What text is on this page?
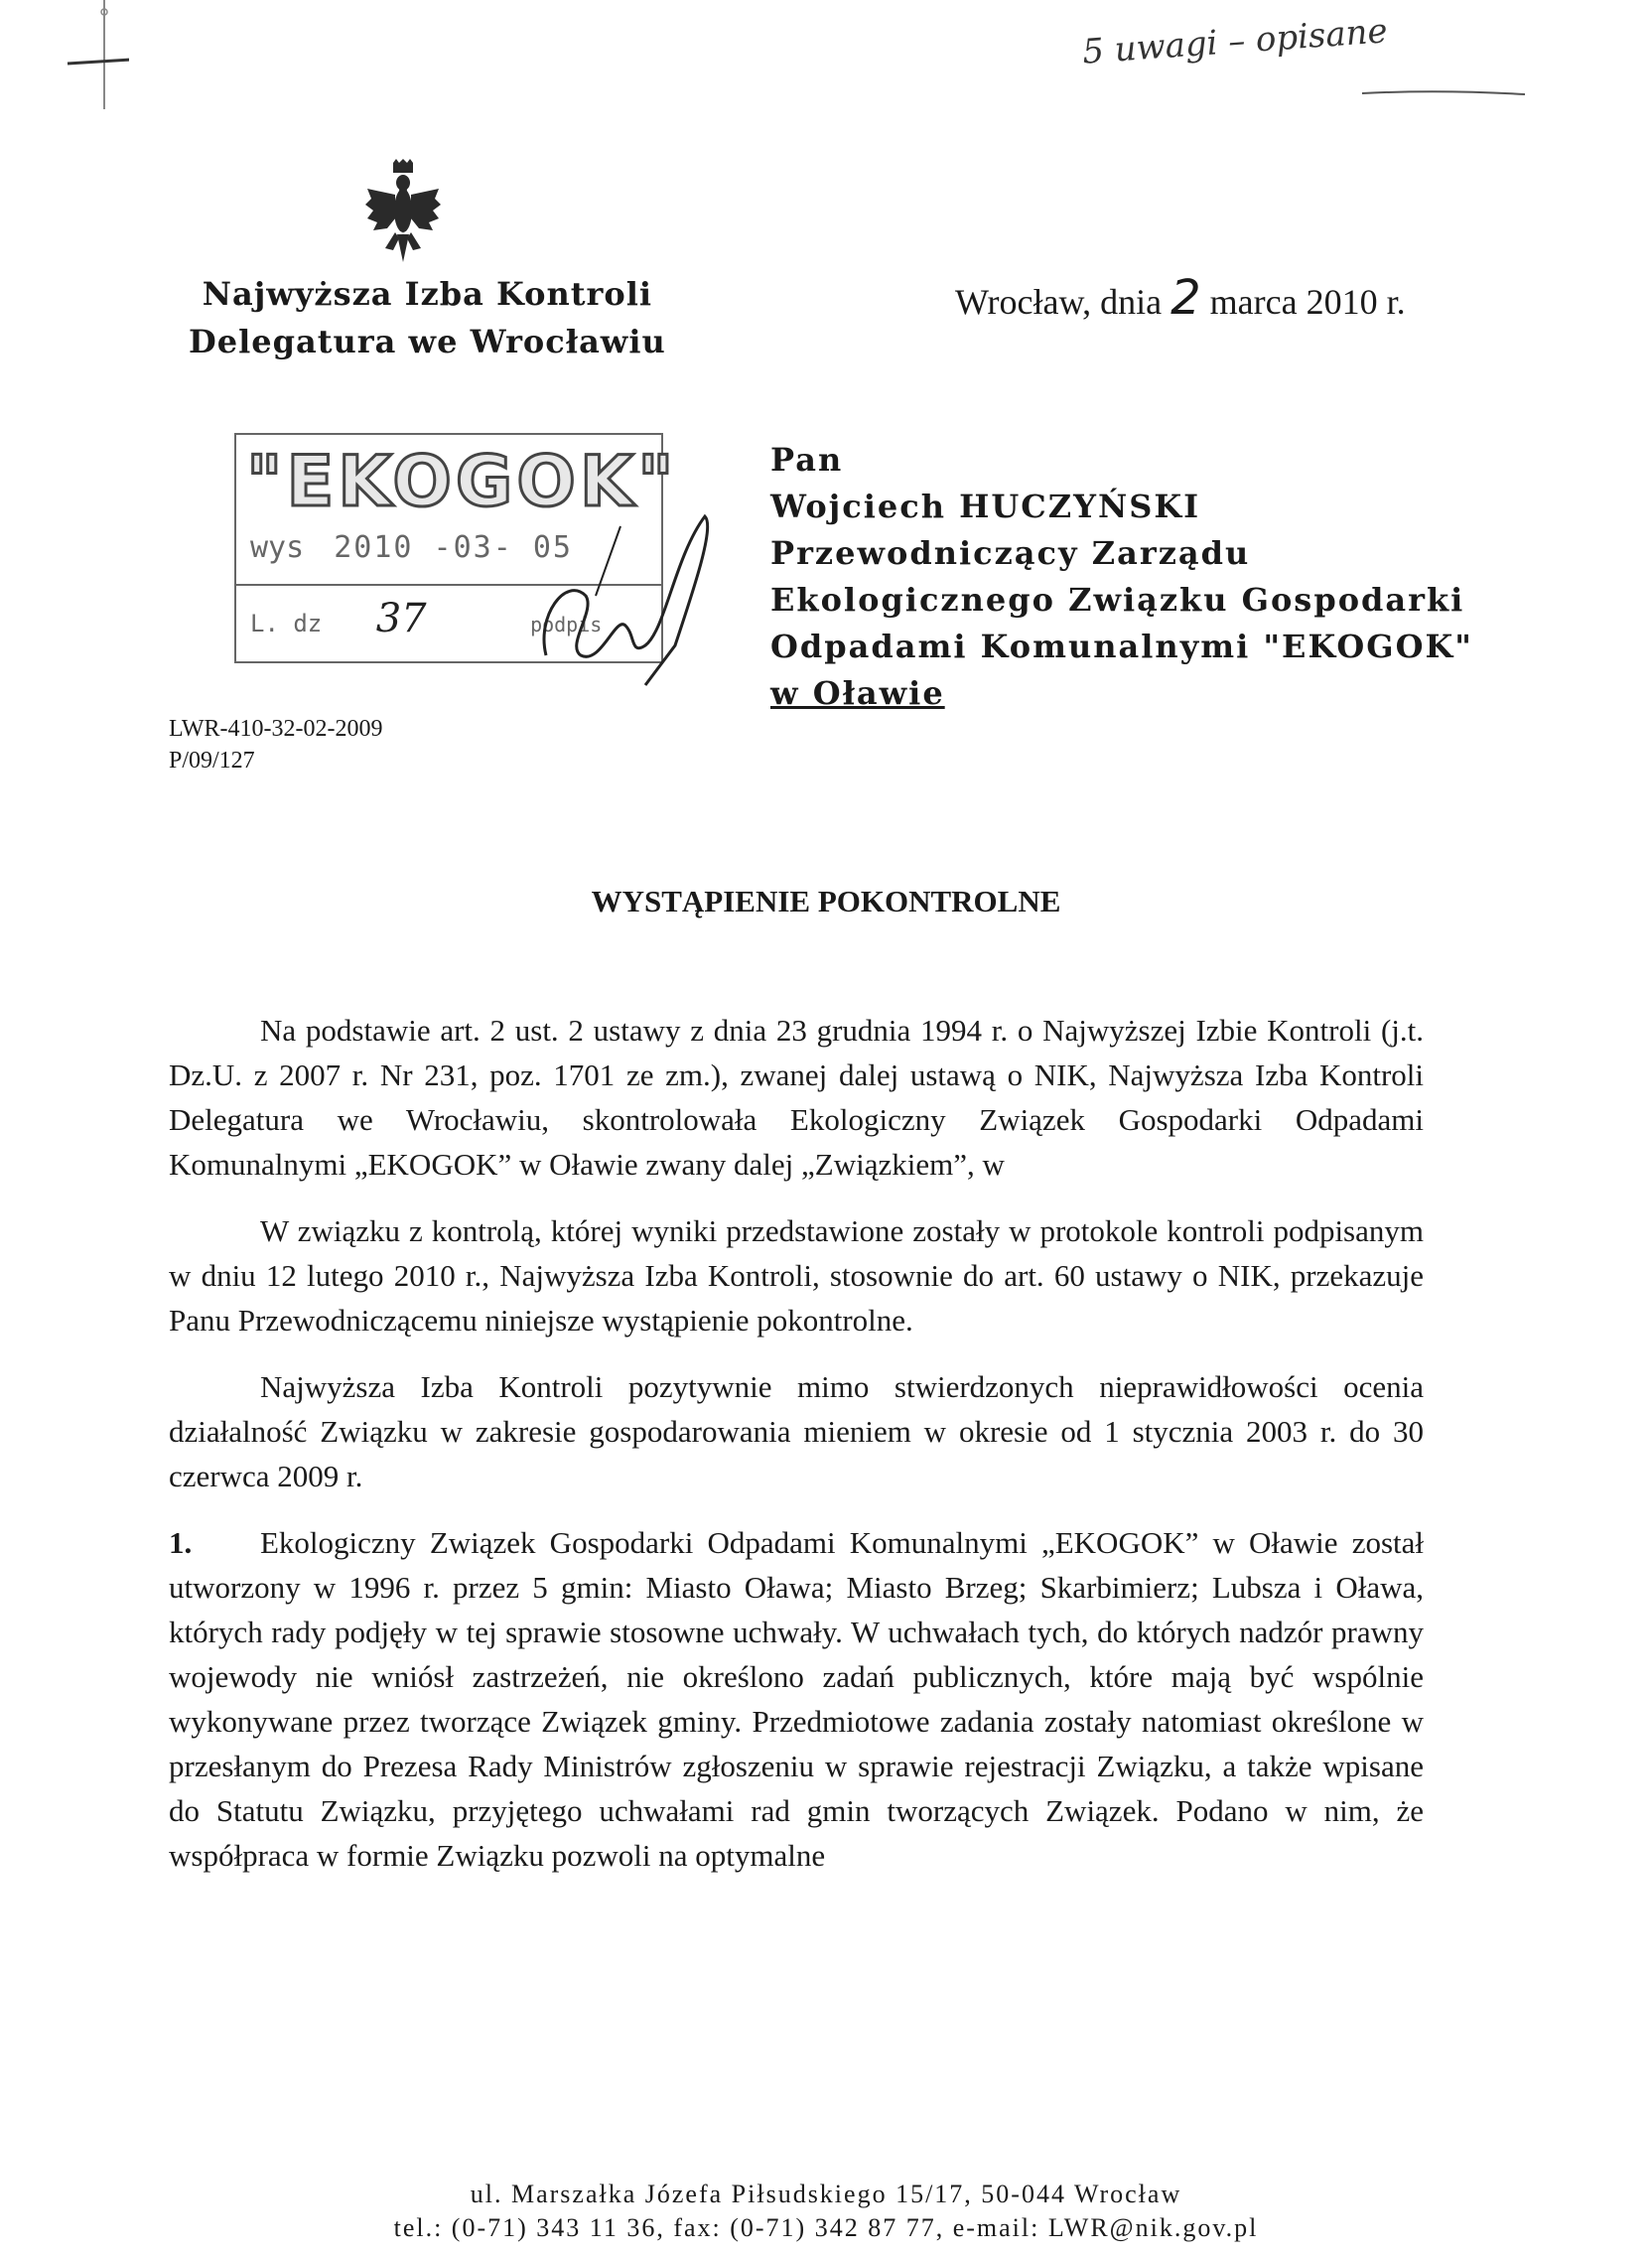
5 uwagi – opisane
Najwyższa Izba Kontroli
Delegatura we Wrocławiu
Wrocław, dnia 2 marca 2010 r.
"EKOGOK"
wys 2010 -03- 05
L. dz 37	podpis
Pan
Wojciech HUCZYŃSKI
Przewodniczący Zarządu
Ekologicznego Związku Gospodarki
Odpadami Komunalnymi "EKOGOK"
w Oławie
LWR-410-32-02-2009
P/09/127
WYSTĄPIENIE POKONTROLNE

Na podstawie art. 2 ust. 2 ustawy z dnia 23 grudnia 1994 r. o Najwyższej Izbie Kontroli (j.t. Dz.U. z 2007 r. Nr 231, poz. 1701 ze zm.), zwanej dalej ustawą o NIK, Najwyższa Izba Kontroli Delegatura we Wrocławiu, skontrolowała Ekologiczny Związek Gospodarki Odpadami Komunalnymi „EKOGOK” w Oławie zwany dalej „Związkiem”, w

W związku z kontrolą, której wyniki przedstawione zostały w protokole kontroli podpisanym w dniu 12 lutego 2010 r., Najwyższa Izba Kontroli, stosownie do art. 60 ustawy o NIK, przekazuje Panu Przewodniczącemu niniejsze wystąpienie pokontrolne.

Najwyższa Izba Kontroli pozytywnie mimo stwierdzonych nieprawidłowości ocenia działalność Związku w zakresie gospodarowania mieniem w okresie od 1 stycznia 2003 r. do 30 czerwca 2009 r.

1. Ekologiczny Związek Gospodarki Odpadami Komunalnymi „EKOGOK” w Oławie został utworzony w 1996 r. przez 5 gmin: Miasto Oława; Miasto Brzeg; Skarbimierz; Lubsza i Oława, których rady podjęły w tej sprawie stosowne uchwały. W uchwałach tych, do których nadzór prawny wojewody nie wniósł zastrzeżeń, nie określono zadań publicznych, które mają być wspólnie wykonywane przez tworzące Związek gminy. Przedmiotowe zadania zostały natomiast określone w przesłanym do Prezesa Rady Ministrów zgłoszeniu w sprawie rejestracji Związku, a także wpisane do Statutu Związku, przyjętego uchwałami rad gmin tworzących Związek. Podano w nim, że współpraca w formie Związku pozwoli na optymalne

ul. Marszałka Józefa Piłsudskiego 15/17, 50-044 Wrocław
tel.: (0-71) 343 11 36, fax: (0-71) 342 87 77, e-mail: LWR@nik.gov.pl
